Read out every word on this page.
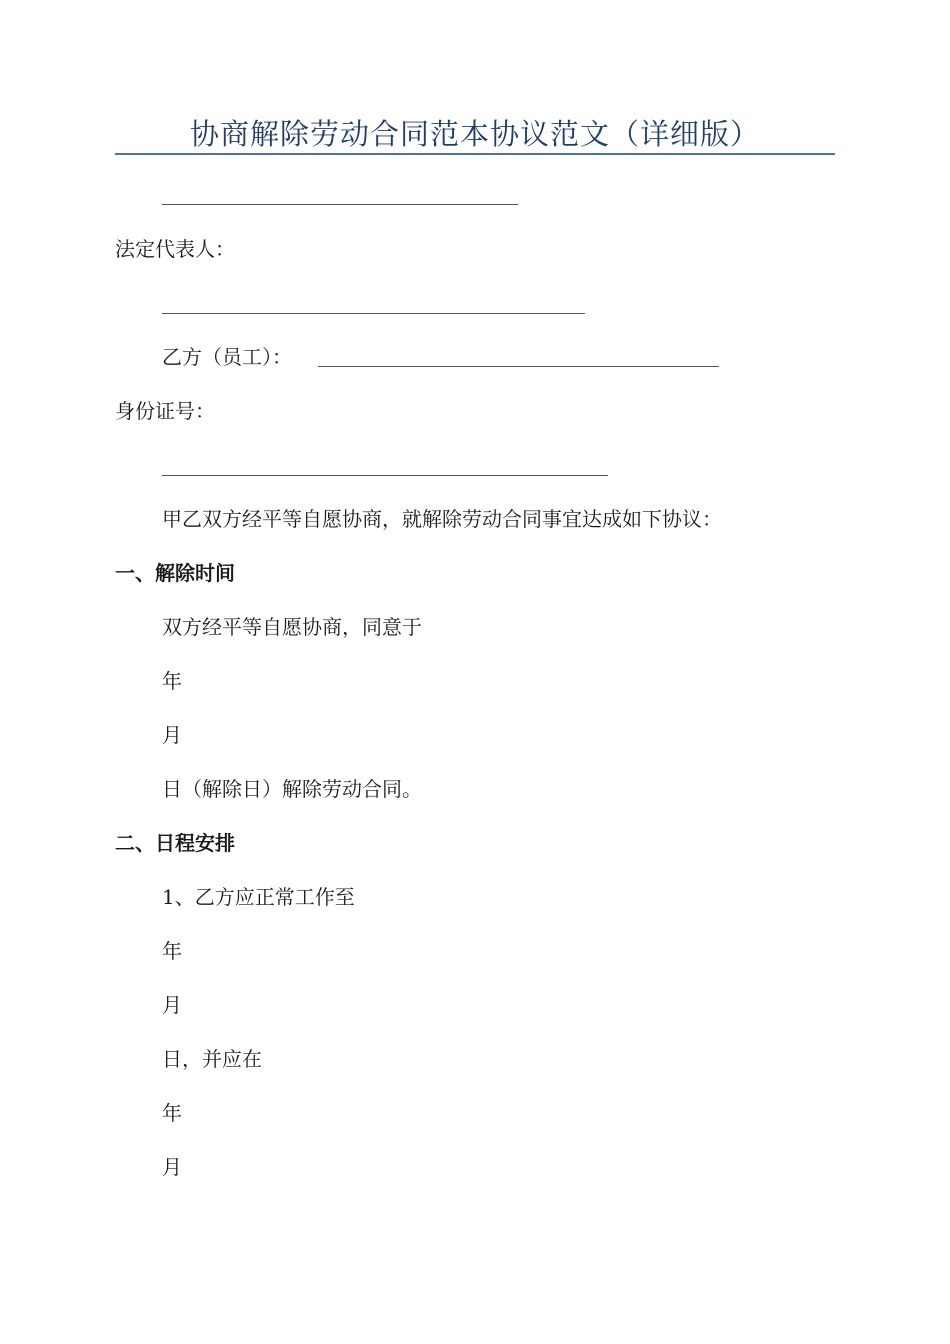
协商解除劳动合同范本协议范文（详细版）
法定代表人：
乙方（员工）：
身份证号：
甲乙双方经平等自愿协商，就解除劳动合同事宜达成如下协议：
一、解除时间
双方经平等自愿协商，同意于
年
月
日（解除日）解除劳动合同。
二、日程安排
1、乙方应正常工作至
年
月
日，并应在
年
月
